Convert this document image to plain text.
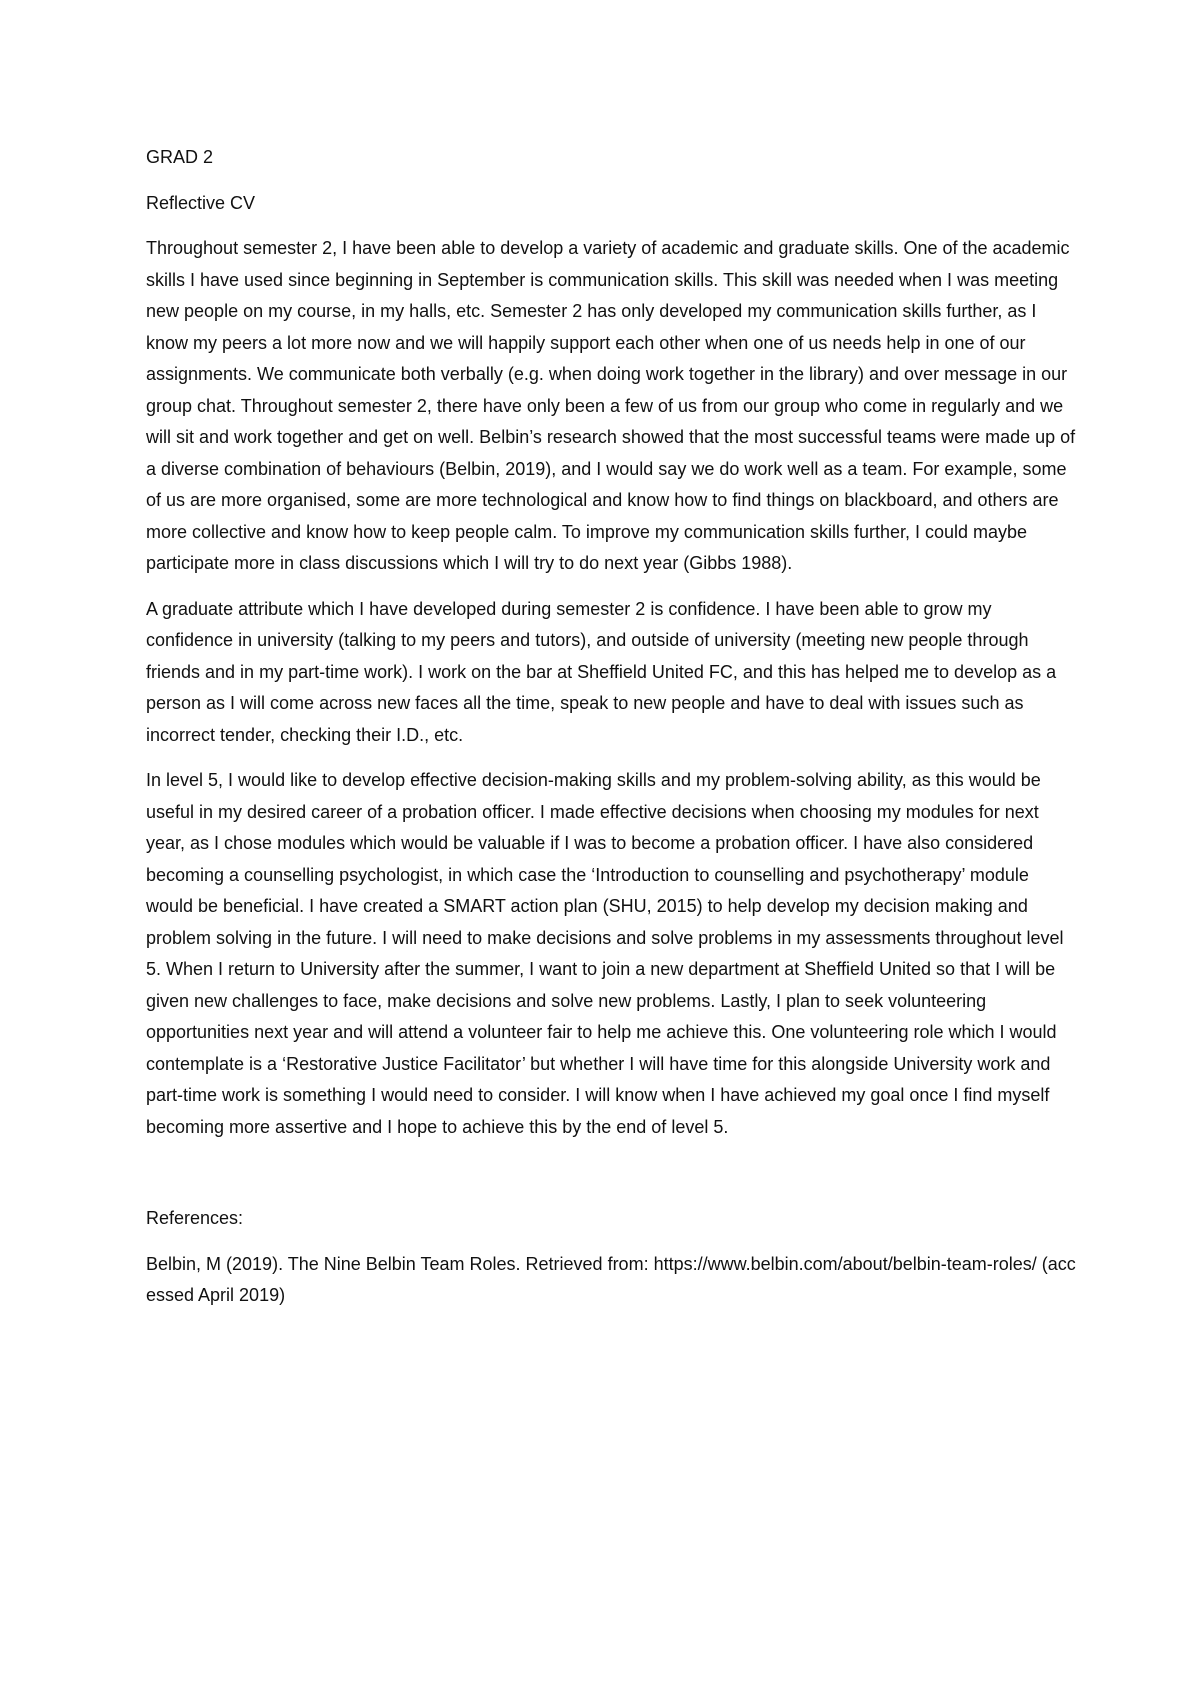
GRAD 2

Reflective CV

Throughout semester 2, I have been able to develop a variety of academic and graduate skills. One of the academic skills I have used since beginning in September is communication skills. This skill was needed when I was meeting new people on my course, in my halls, etc. Semester 2 has only developed my communication skills further, as I know my peers a lot more now and we will happily support each other when one of us needs help in one of our assignments. We communicate both verbally (e.g. when doing work together in the library) and over message in our group chat. Throughout semester 2, there have only been a few of us from our group who come in regularly and we will sit and work together and get on well. Belbin’s research showed that the most successful teams were made up of a diverse combination of behaviours (Belbin, 2019), and I would say we do work well as a team. For example, some of us are more organised, some are more technological and know how to find things on blackboard, and others are more collective and know how to keep people calm. To improve my communication skills further, I could maybe participate more in class discussions which I will try to do next year (Gibbs 1988).

A graduate attribute which I have developed during semester 2 is confidence. I have been able to grow my confidence in university (talking to my peers and tutors), and outside of university (meeting new people through friends and in my part-time work). I work on the bar at Sheffield United FC, and this has helped me to develop as a person as I will come across new faces all the time, speak to new people and have to deal with issues such as incorrect tender, checking their I.D., etc.

In level 5, I would like to develop effective decision-making skills and my problem-solving ability, as this would be useful in my desired career of a probation officer. I made effective decisions when choosing my modules for next year, as I chose modules which would be valuable if I was to become a probation officer. I have also considered becoming a counselling psychologist, in which case the ‘Introduction to counselling and psychotherapy’ module would be beneficial. I have created a SMART action plan (SHU, 2015) to help develop my decision making and problem solving in the future. I will need to make decisions and solve problems in my assessments throughout level 5. When I return to University after the summer, I want to join a new department at Sheffield United so that I will be given new challenges to face, make decisions and solve new problems. Lastly, I plan to seek volunteering opportunities next year and will attend a volunteer fair to help me achieve this. One volunteering role which I would contemplate is a ‘Restorative Justice Facilitator’ but whether I will have time for this alongside University work and part-time work is something I would need to consider. I will know when I have achieved my goal once I find myself becoming more assertive and I hope to achieve this by the end of level 5.

References:

Belbin, M (2019). The Nine Belbin Team Roles. Retrieved from: https://www.belbin.com/about/belbin-team-roles/ (accessed April 2019)
